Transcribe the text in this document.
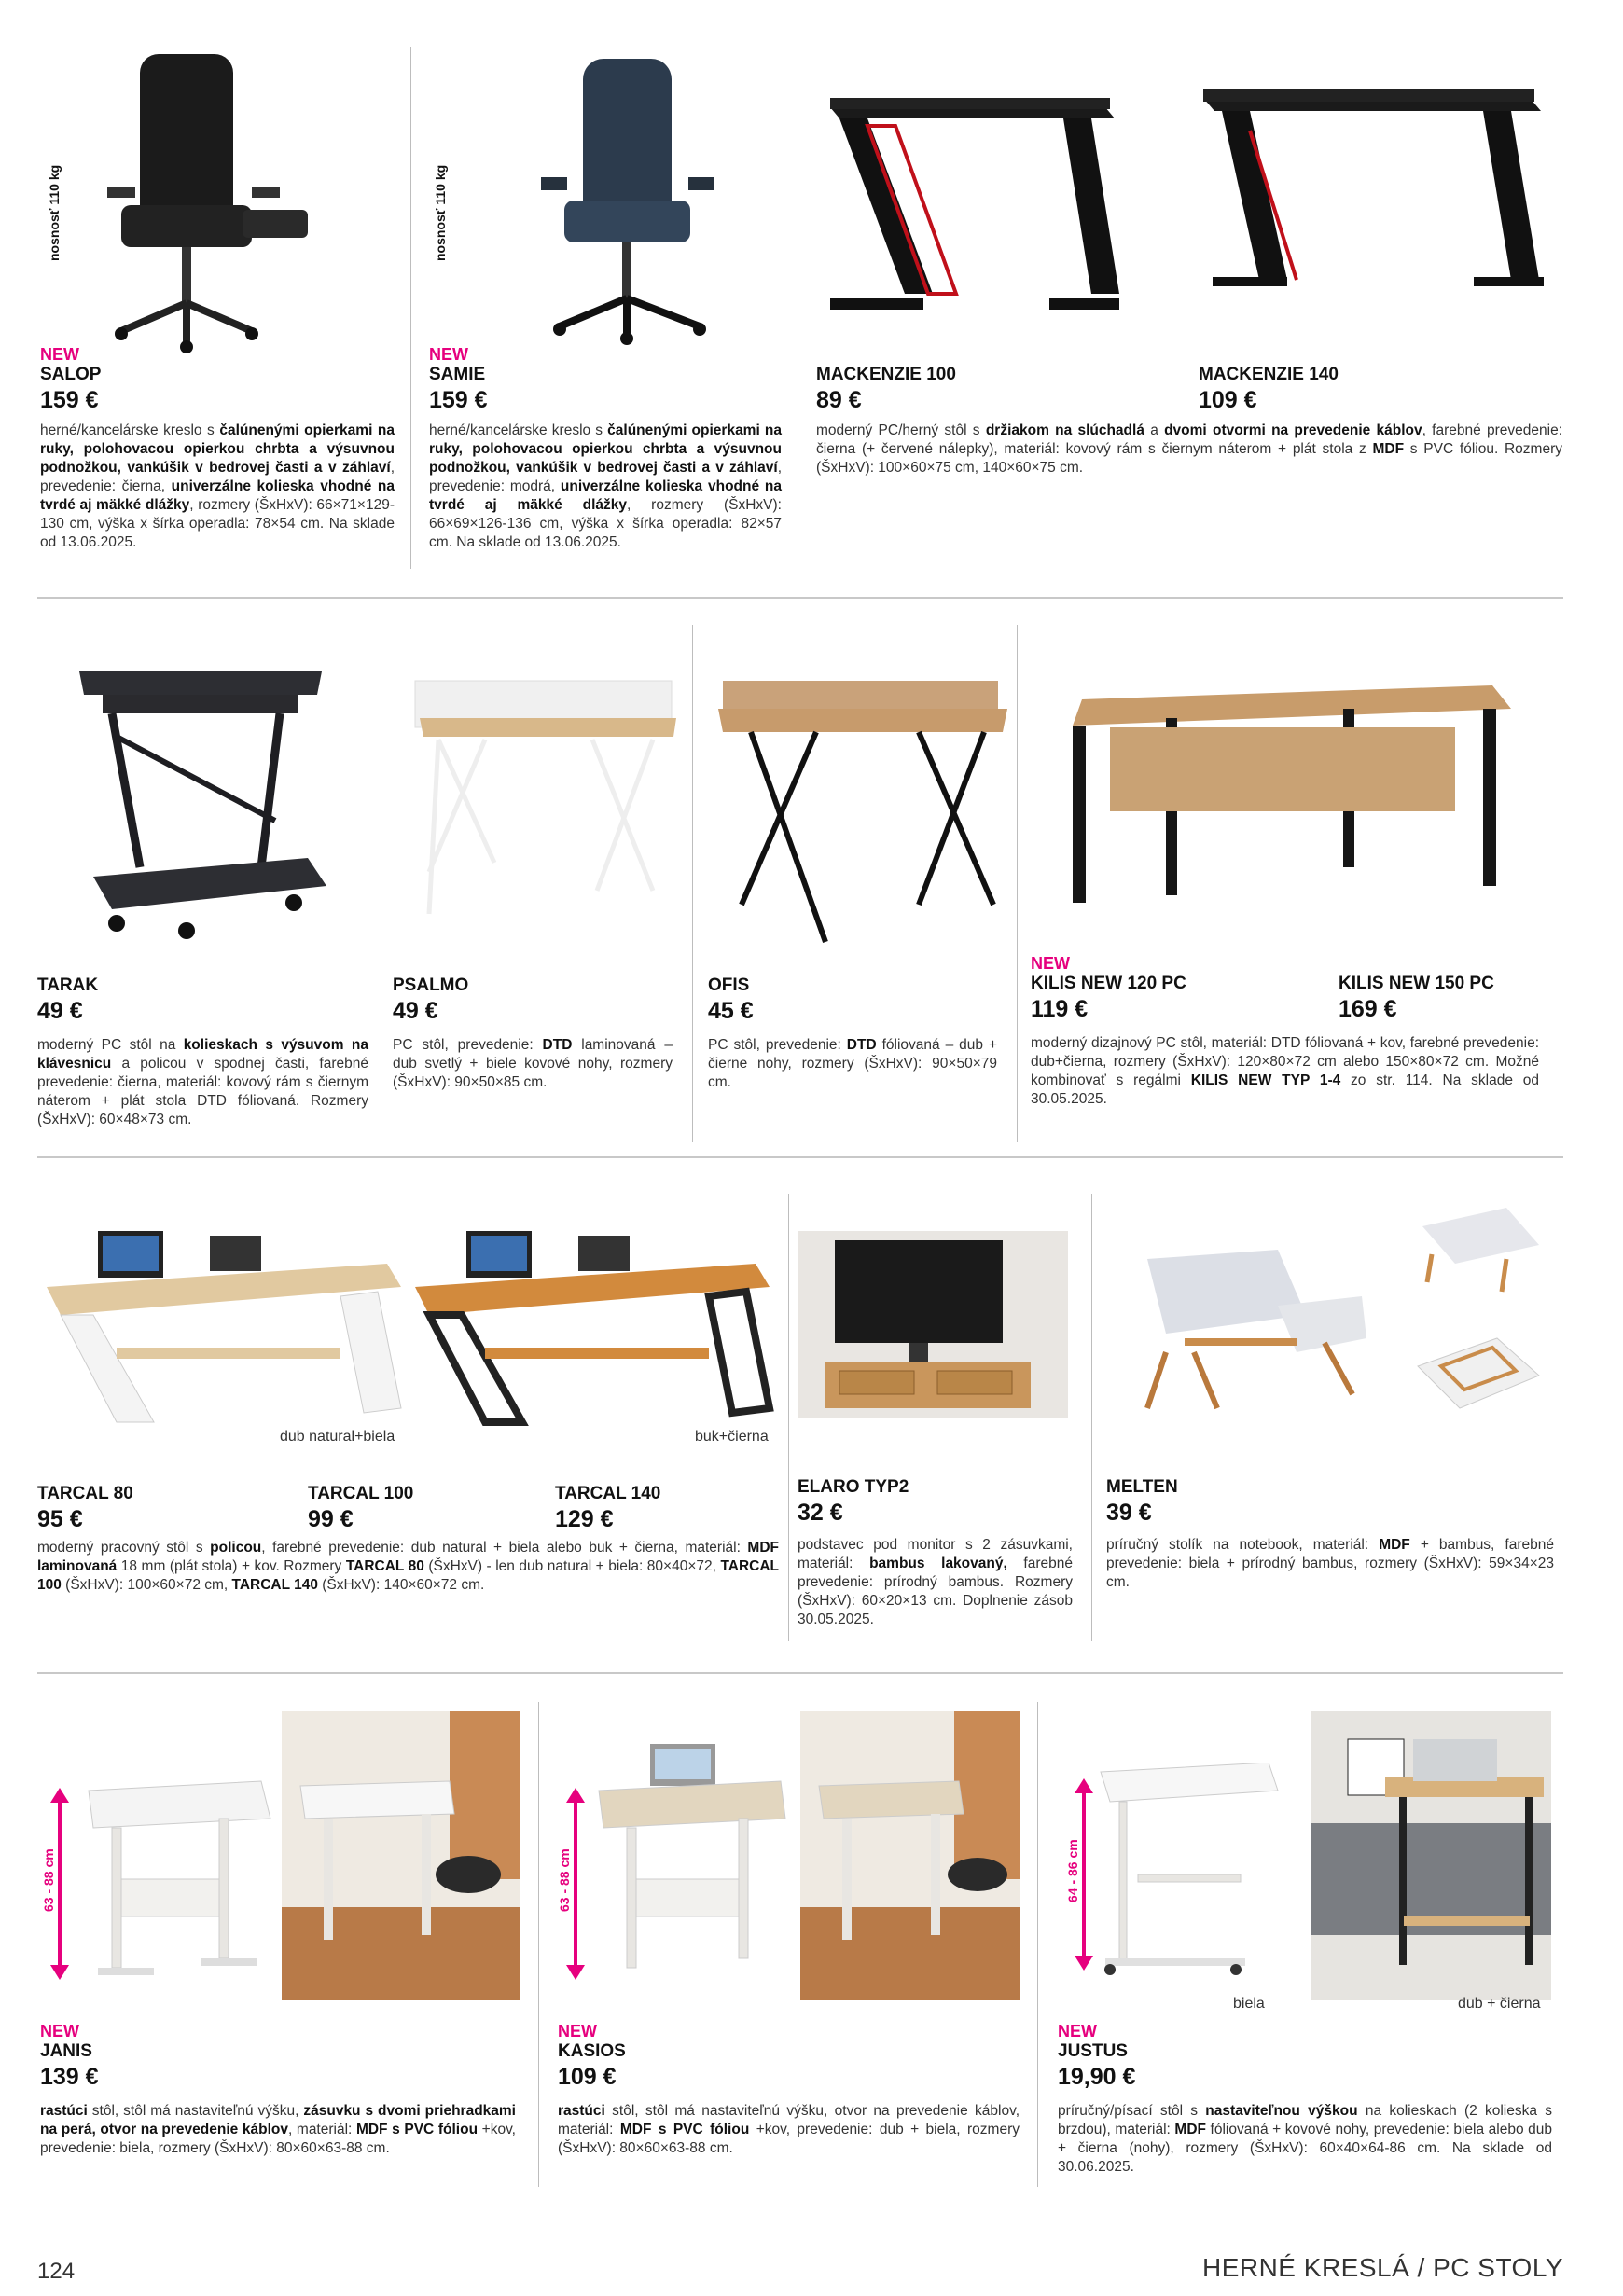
nosnosť 110 kg	nosnosť 110 kg
NEW
SALOP
159 €
herné/kancelárske kreslo s čalúnenými opierkami na ruky, polohovacou opierkou chrbta a výsuvnou podnožkou, vankúšik v bedrovej časti a v záhlaví, prevedenie: čierna, univerzálne kolieska vhodné na tvrdé aj mäkké dlážky, rozmery (ŠxHxV): 66×71×129-130 cm, výška x šírka operadla: 78×54 cm. Na sklade od 13.06.2025.
NEW
SAMIE
159 €
herné/kancelárske kreslo s čalúnenými opierkami na ruky, polohovacou opierkou chrbta a výsuvnou podnožkou, vankúšik v bedrovej časti a v záhlaví, prevedenie: modrá, univerzálne kolieska vhodné na tvrdé aj mäkké dlážky, rozmery (ŠxHxV): 66×69×126-136 cm, výška x šírka operadla: 82×57 cm. Na sklade od 13.06.2025.
MACKENZIE 100
89 €
MACKENZIE 140
109 €
moderný PC/herný stôl s držiakom na slúchadlá a dvomi otvormi na prevedenie káblov, farebné prevedenie: čierna (+ červené nálepky), materiál: kovový rám s čiernym náterom + plát stola z MDF s PVC fóliou. Rozmery (ŠxHxV): 100×60×75 cm, 140×60×75 cm.
TARAK
49 €
moderný PC stôl na kolieskach s výsuvom na klávesnicu a policou v spodnej časti, farebné prevedenie: čierna, materiál: kovový rám s čiernym náterom + plát stola DTD fóliovaná. Rozmery (ŠxHxV): 60×48×73 cm.
PSALMO
49 €
PC stôl, prevedenie: DTD laminovaná – dub svetlý + biele kovové nohy, rozmery (ŠxHxV): 90×50×85 cm.
OFIS
45 €
PC stôl, prevedenie: DTD fóliovaná – dub + čierne nohy, rozmery (ŠxHxV): 90×50×79 cm.
NEW
KILIS NEW 120 PC
119 €
KILIS NEW 150 PC
169 €
moderný dizajnový PC stôl, materiál: DTD fóliovaná + kov, farebné prevedenie: dub+čierna, rozmery (ŠxHxV): 120×80×72 cm alebo 150×80×72 cm. Možné kombinovať s regálmi KILIS NEW TYP 1-4 zo str. 114. Na sklade od 30.05.2025.
dub natural+biela	buk+čierna
TARCAL 80
95 €
TARCAL 100
99 €
TARCAL 140
129 €
moderný pracovný stôl s policou, farebné prevedenie: dub natural + biela alebo buk + čierna, materiál: MDF laminovaná 18 mm (plát stola) + kov. Rozmery TARCAL 80 (ŠxHxV) - len dub natural + biela: 80×40×72, TARCAL 100 (ŠxHxV): 100×60×72 cm, TARCAL 140 (ŠxHxV): 140×60×72 cm.
ELARO TYP2
32 €
podstavec pod monitor s 2 zásuvkami, materiál: bambus lakovaný, farebné prevedenie: prírodný bambus. Rozmery (ŠxHxV): 60×20×13 cm. Doplnenie zásob 30.05.2025.
MELTEN
39 €
príručný stolík na notebook, materiál: MDF + bambus, farebné prevedenie: biela + prírodný bambus, rozmery (ŠxHxV): 59×34×23 cm.
63 - 88 cm
NEW
JANIS
139 €
rastúci stôl, stôl má nastaviteľnú výšku, zásuvku s dvomi priehradkami na perá, otvor na prevedenie káblov, materiál: MDF s PVC fóliou +kov, prevedenie: biela, rozmery (ŠxHxV): 80×60×63-88 cm.
63 - 88 cm
NEW
KASIOS
109 €
rastúci stôl, stôl má nastaviteľnú výšku, otvor na prevedenie káblov, materiál: MDF s PVC fóliou +kov, prevedenie: dub + biela, rozmery (ŠxHxV): 80×60×63-88 cm.
64 - 86 cm
biela	dub + čierna
NEW
JUSTUS
19,90 €
príručný/písací stôl s nastaviteľnou výškou na kolieskach (2 kolieska s brzdou), materiál: MDF fóliovaná + kovové nohy, prevedenie: biela alebo dub + čierna (nohy), rozmery (ŠxHxV): 60×40×64-86 cm. Na sklade od 30.06.2025.
124	HERNÉ KRESLÁ / PC STOLY
